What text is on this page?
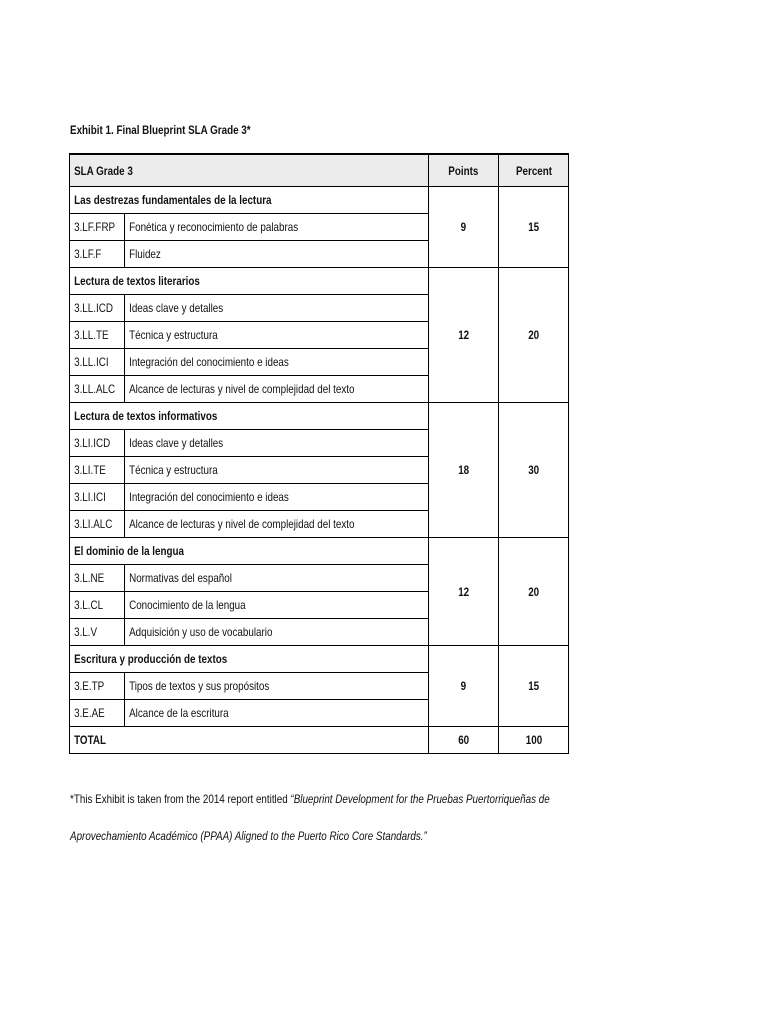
Exhibit 1. Final Blueprint SLA Grade 3*
SLA Grade 3		Points	Percent
Las destrezas fundamentales de la lectura		9	15
3.LF.FRP	Fonética y reconocimiento de palabras		
3.LF.F	Fluidez		
Lectura de textos literarios		12	20
3.LL.ICD	Ideas clave y detalles		
3.LL.TE	Técnica y estructura		
3.LL.ICI	Integración del conocimiento e ideas		
3.LL.ALC	Alcance de lecturas y nivel de complejidad del texto		
Lectura de textos informativos		18	30
3.LI.ICD	Ideas clave y detalles		
3.LI.TE	Técnica y estructura		
3.LI.ICI	Integración del conocimiento e ideas		
3.LI.ALC	Alcance de lecturas y nivel de complejidad del texto		
El dominio de la lengua		12	20
3.L.NE	Normativas del español		
3.L.CL	Conocimiento de la lengua		
3.L.V	Adquisición y uso de vocabulario		
Escritura y producción de textos		9	15
3.E.TP	Tipos de textos y sus propósitos		
3.E.AE	Alcance de la escritura		
TOTAL		60	100
*This Exhibit is taken from the 2014 report entitled “Blueprint Development for the Pruebas Puertorriqueñas de
Aprovechamiento Académico (PPAA) Aligned to the Puerto Rico Core Standards.”
